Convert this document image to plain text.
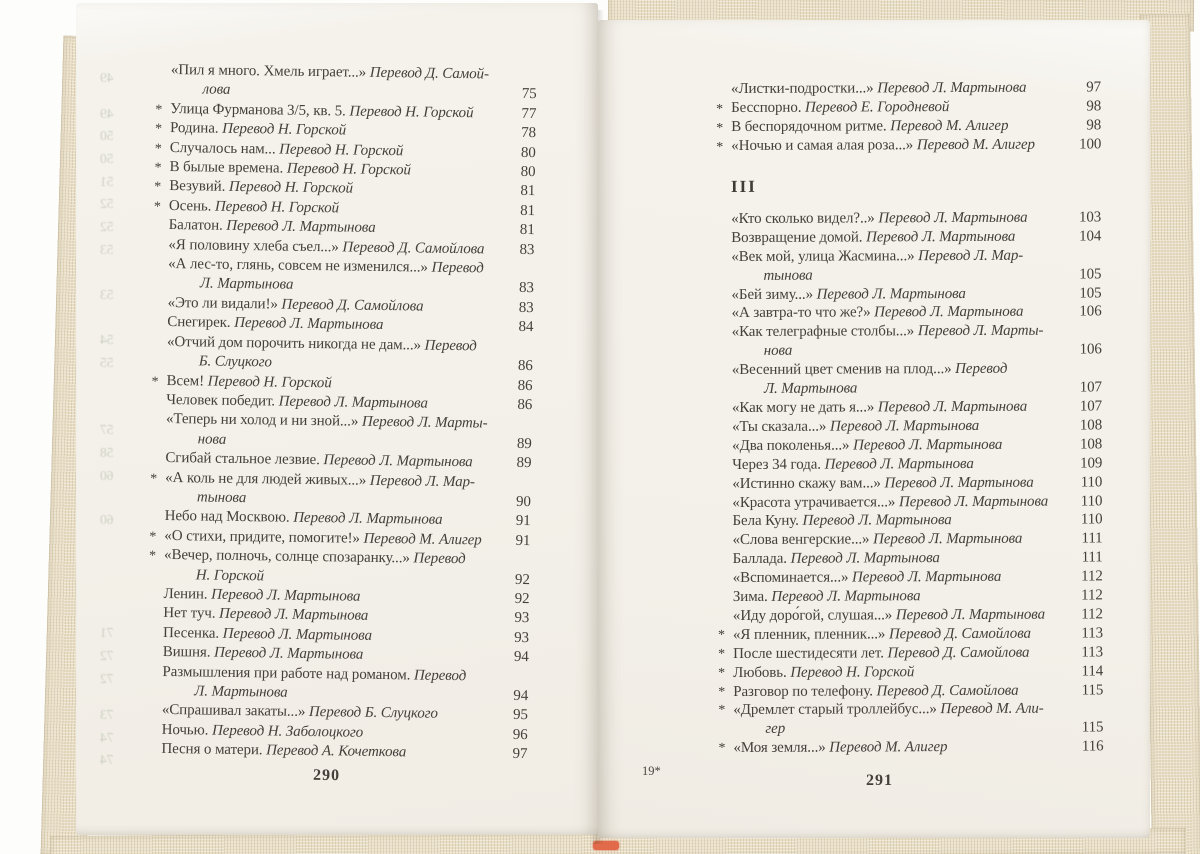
49
49
50
50
51
52
52
53
53
54
55
57
58
60
60
71
72
72
73
74
74
«Пил я много. Хмель играет...» Перевод Д. Самой-
лова	75
* Улица Фурманова 3/5, кв. 5. Перевод Н. Горской	77
* Родина. Перевод Н. Горской	78
* Случалось нам... Перевод Н. Горской	80
* В былые времена. Перевод Н. Горской	80
* Везувий. Перевод Н. Горской	81
* Осень. Перевод Н. Горской	81
Балатон. Перевод Л. Мартынова	81
«Я половину хлеба съел...» Перевод Д. Самойлова	83
«А лес-то, глянь, совсем не изменился...» Перевод
Л. Мартынова	83
«Это ли видали!» Перевод Д. Самойлова	83
Снегирек. Перевод Л. Мартынова	84
«Отчий дом порочить никогда не дам...» Перевод
Б. Слуцкого	86
* Всем! Перевод Н. Горской	86
Человек победит. Перевод Л. Мартынова	86
«Теперь ни холод и ни зной...» Перевод Л. Марты-
нова	89
Сгибай стальное лезвие. Перевод Л. Мартынова	89
* «А коль не для людей живых...» Перевод Л. Мар-
тынова	90
Небо над Москвою. Перевод Л. Мартынова	91
* «О стихи, придите, помогите!» Перевод М. Алигер	91
* «Вечер, полночь, солнце спозаранку...» Перевод
Н. Горской	92
Ленин. Перевод Л. Мартынова	92
Нет туч. Перевод Л. Мартынова	93
Песенка. Перевод Л. Мартынова	93
Вишня. Перевод Л. Мартынова	94
Размышления при работе над романом. Перевод
Л. Мартынова	94
«Спрашивал закаты...» Перевод Б. Слуцкого	95
Ночью. Перевод Н. Заболоцкого	96
Песня о матери. Перевод А. Кочеткова	97
290
«Листки-подростки...» Перевод Л. Мартынова	97
* Бесспорно. Перевод Е. Городневой	98
* В беспорядочном ритме. Перевод М. Алигер	98
* «Ночью и самая алая роза...» Перевод М. Алигер	100
III
«Кто сколько видел?..» Перевод Л. Мартынова	103
Возвращение домой. Перевод Л. Мартынова	104
«Век мой, улица Жасмина...» Перевод Л. Мар-
тынова	105
«Бей зиму...» Перевод Л. Мартынова	105
«А завтра-то что же?» Перевод Л. Мартынова	106
«Как телеграфные столбы...» Перевод Л. Марты-
нова	106
«Весенний цвет сменив на плод...» Перевод
Л. Мартынова	107
«Как могу не дать я...» Перевод Л. Мартынова	107
«Ты сказала...» Перевод Л. Мартынова	108
«Два поколенья...» Перевод Л. Мартынова	108
Через 34 года. Перевод Л. Мартынова	109
«Истинно скажу вам...» Перевод Л. Мартынова	110
«Красота утрачивается...» Перевод Л. Мартынова	110
Бела Куну. Перевод Л. Мартынова	110
«Слова венгерские...» Перевод Л. Мартынова	111
Баллада. Перевод Л. Мартынова	111
«Вспоминается...» Перевод Л. Мартынова	112
Зима. Перевод Л. Мартынова	112
«Иду доро́гой, слушая...» Перевод Л. Мартынова	112
* «Я пленник, пленник...» Перевод Д. Самойлова	113
* После шестидесяти лет. Перевод Д. Самойлова	113
* Любовь. Перевод Н. Горской	114
* Разговор по телефону. Перевод Д. Самойлова	115
* «Дремлет старый троллейбус...» Перевод М. Али-
гер	115
* «Моя земля...» Перевод М. Алигер	116
19*
291
